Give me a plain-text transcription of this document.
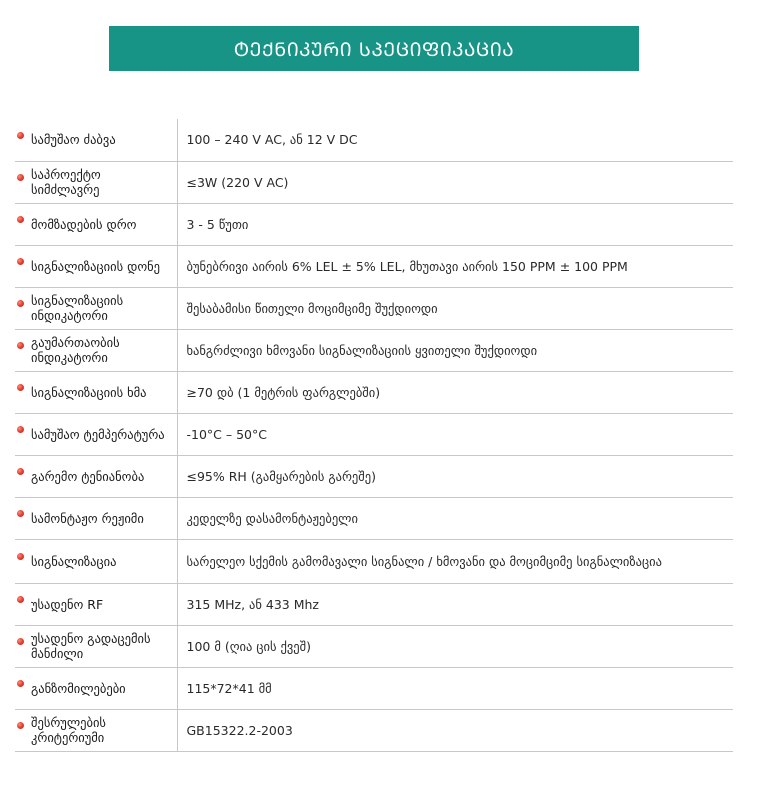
ᲢᲔᲥᲜᲘᲙᲣᲠᲘ ᲡᲞᲔᲪᲘᲤᲘᲙᲐᲪᲘᲐ
სამუშაო ძაბვა	100 – 240 V AC, ან 12 V DC

საპროექტო სიმძლავრე	≤3W (220 V AC)

მომზადების დრო	3 - 5 წუთი

სიგნალიზაციის დონე	ბუნებრივი აირის 6% LEL ± 5% LEL, მხუთავი აირის 150 PPM ± 100 PPM

სიგნალიზაციის ინდიკატორი	შესაბამისი წითელი მოციმციმე შუქდიოდი

გაუმართაობის ინდიკატორი	ხანგრძლივი ხმოვანი სიგნალიზაციის ყვითელი შუქდიოდი

სიგნალიზაციის ხმა	≥70 დბ (1 მეტრის ფარგლებში)

სამუშაო ტემპერატურა	-10°C – 50°C

გარემო ტენიანობა	≤95% RH (გამყარების გარეშე)

სამონტაჟო რეჟიმი	კედელზე დასამონტაჟებელი

სიგნალიზაცია	სარელეო სქემის გამომავალი სიგნალი / ხმოვანი და მოციმციმე სიგნალიზაცია

უსადენო RF	315 MHz, ან 433 Mhz

უსადენო გადაცემის მანძილი	100 მ (ღია ცის ქვეშ)

განზომილებები	115*72*41 მმ

შესრულების კრიტერიუმი	GB15322.2-2003
